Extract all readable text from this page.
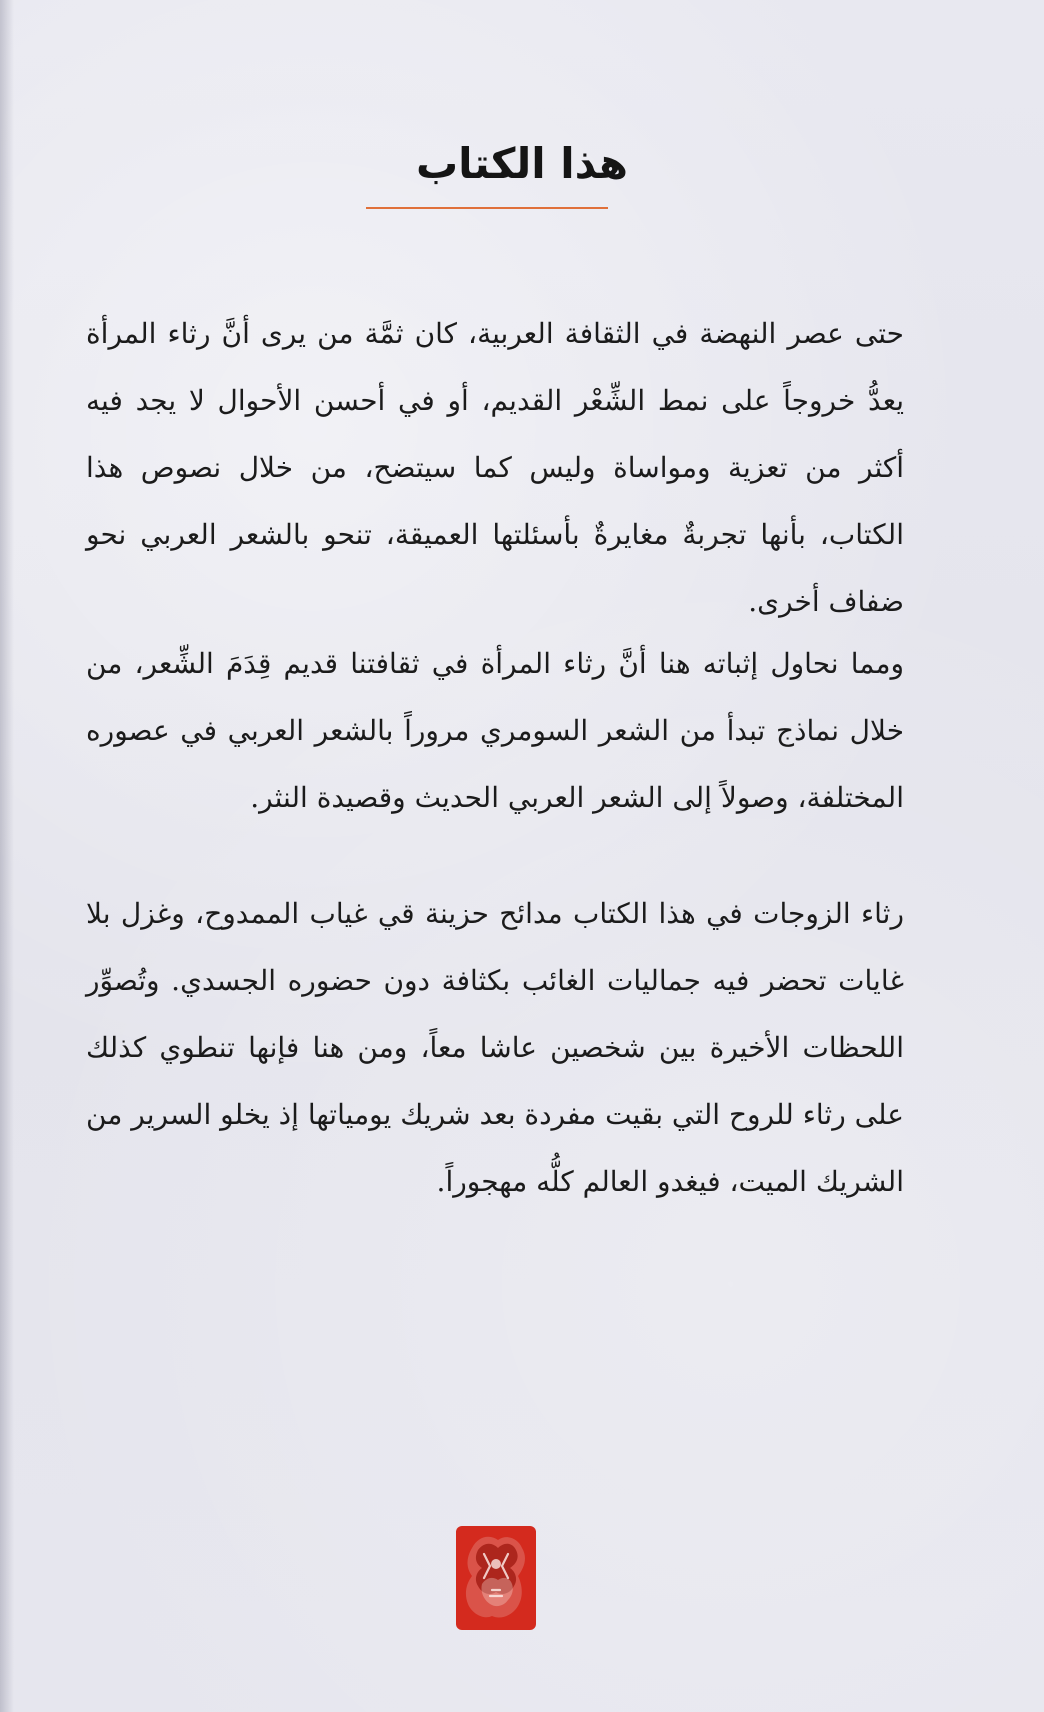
هذا الكتاب

حتى عصر النهضة في الثقافة العربية، كان ثمَّة من يرى أنَّ رثاء المرأة يعدُّ خروجاً على نمط الشِّعْر القديم، أو في أحسن الأحوال لا يجد فيه أكثر من تعزية ومواساة وليس كما سيتضح، من خلال نصوص هذا الكتاب، بأنها تجربةٌ مغايرةٌ بأسئلتها العميقة، تنحو بالشعر العربي نحو ضفاف أخرى.

ومما نحاول إثباته هنا أنَّ رثاء المرأة في ثقافتنا قديم قِدَمَ الشِّعر، من خلال نماذج تبدأ من الشعر السومري مروراً بالشعر العربي في عصوره المختلفة، وصولاً إلى الشعر العربي الحديث وقصيدة النثر.

رثاء الزوجات في هذا الكتاب مدائح حزينة قي غياب الممدوح، وغزل بلا غايات تحضر فيه جماليات الغائب بكثافة دون حضوره الجسدي. وتُصوِّر اللحظات الأخيرة بين شخصين عاشا معاً، ومن هنا فإنها تنطوي كذلك على رثاء للروح التي بقيت مفردة بعد شريك يومياتها إذ يخلو السرير من الشريك الميت، فيغدو العالم كلُّه مهجوراً.
